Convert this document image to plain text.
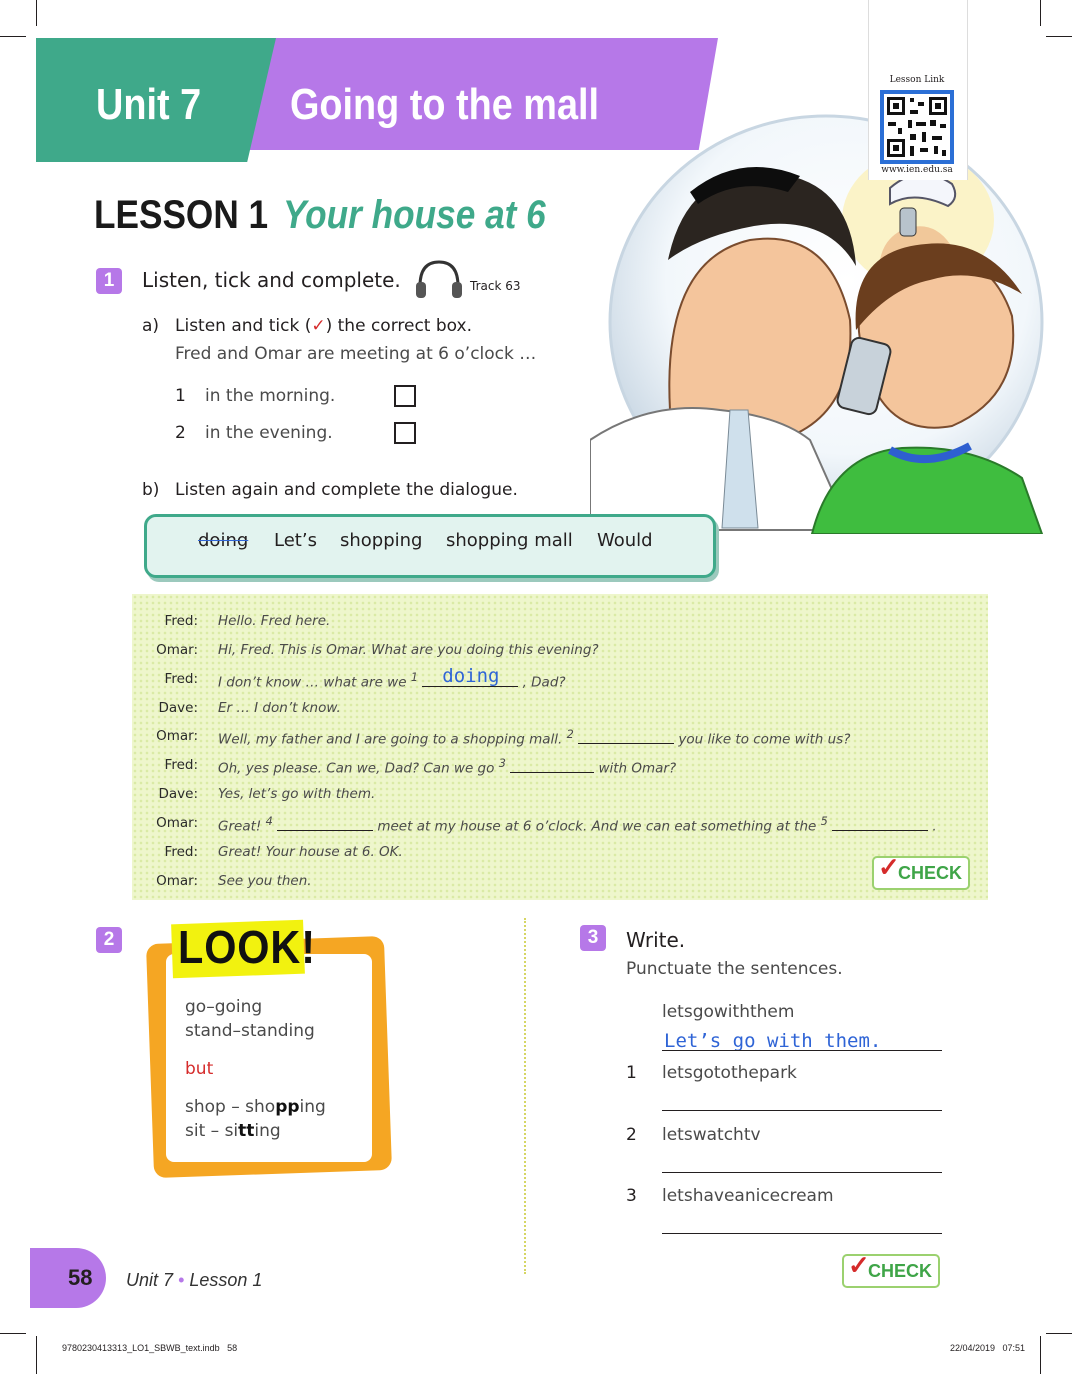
Unit 7 Going to the mall	Lesson Link
www.ien.edu.sa
LESSON 1 Your house at 6
1	Listen, tick and complete.	Track 63
a) Listen and tick (✓) the correct box.
Fred and Omar are meeting at 6 o’clock …
1 in the morning.
2 in the evening.
b) Listen again and complete the dialogue.
doing Let’s shopping shopping mall Would
Fred: Hello. Fred here.
Omar: Hi, Fred. This is Omar. What are you doing this evening?
Fred: I don’t know … what are we $^1$ doing , Dad?
Dave: Er … I don’t know.
Omar: Well, my father and I are going to a shopping mall. $^2$	you like to come with us?
Fred: Oh, yes please. Can we, Dad? Can we go $^3$	with Omar?
Dave: Yes, let’s go with them.
Omar: Great! $^4$	meet at my house at 6 o’clock. And we can eat something at the $^5$	.
Fred: Great! Your house at 6. OK.
Omar: See you then.	✓
CHECK
2 LOOK!
go–going
stand–standing
but
shop – shopping
sit – sitting
3	Write.
Punctuate the sentences.
letsgowiththem
Let’s go with them.
1 letsgotothepark
2 letswatchtv
3 letshaveanicecream
✓
CHECK
58 Unit 7 • Lesson 1
9780230413313_LO1_SBWB_text.indb   58	22/04/2019   07:51
